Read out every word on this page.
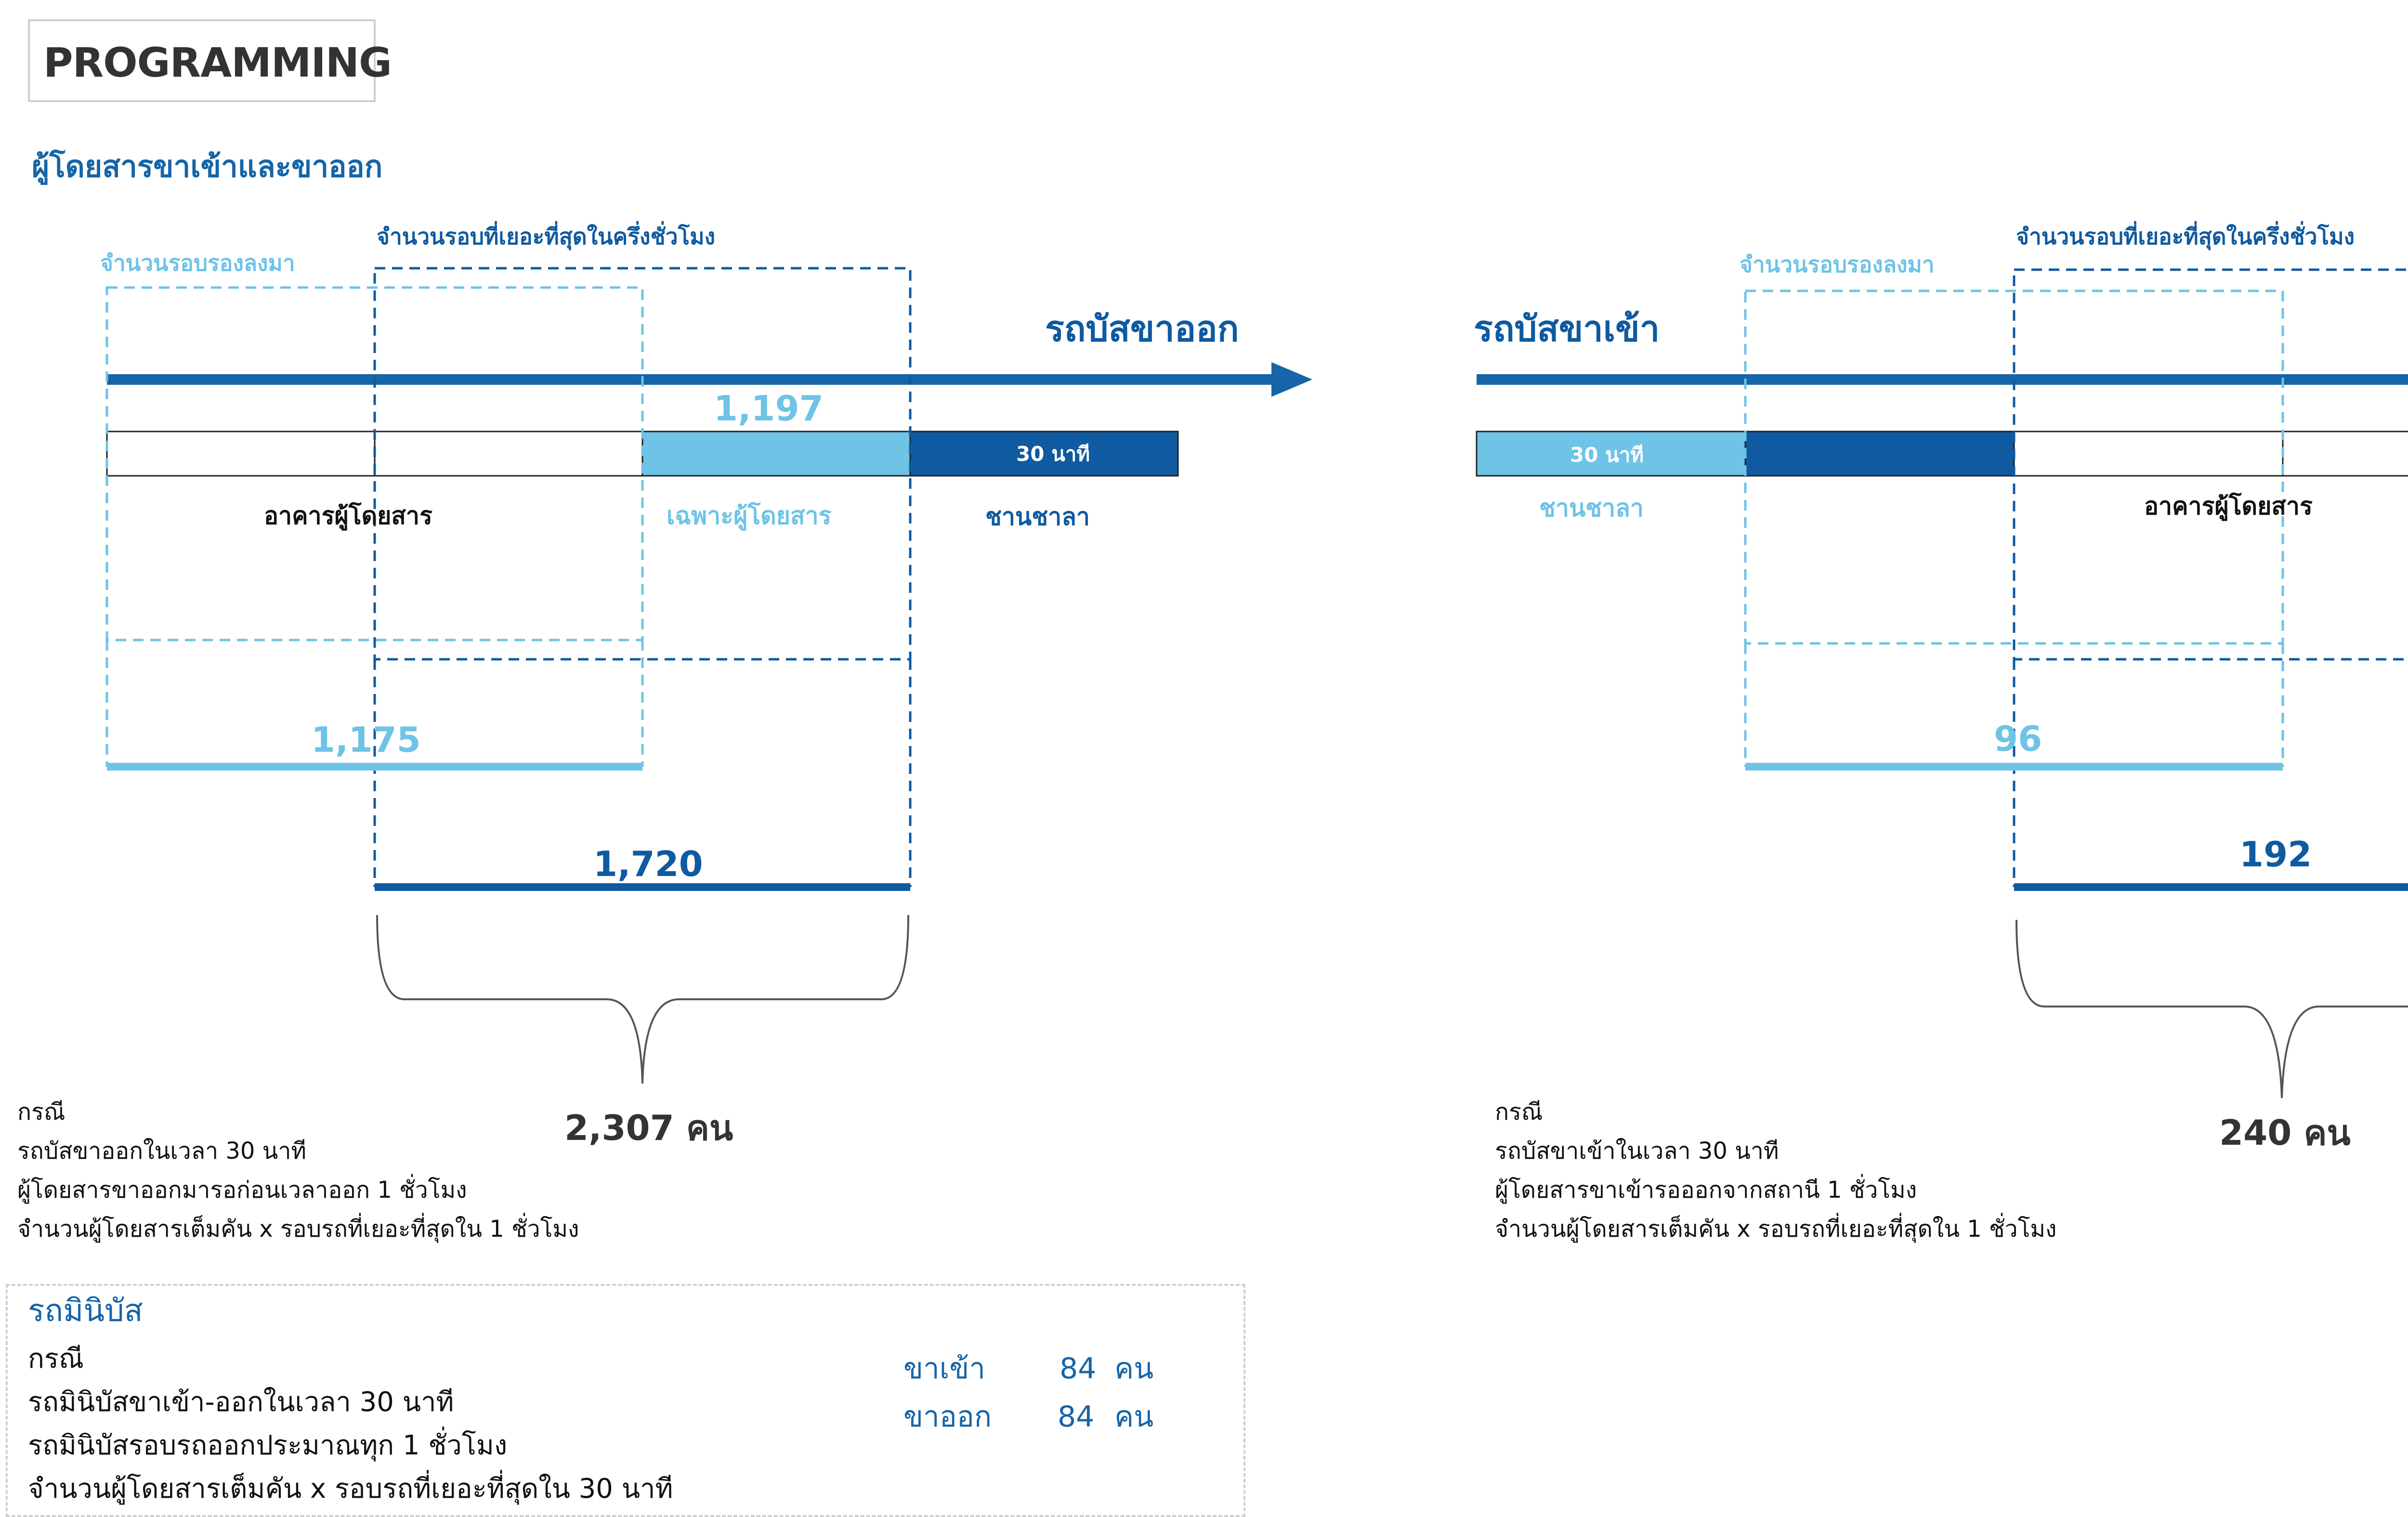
PROGRAMMING
ผู้โดยสารขาเข้าและขาออก
จำนวนรอบที่เยอะที่สุดในครึ่งชั่วโมง
จำนวนรอบรองลงมา
รถบัสขาออก
1,197
30 นาที
อาคารผู้โดยสาร	เฉพาะผู้โดยสาร	ชานชาลา
1,175
1,720
2,307 คน
กรณี
รถบัสขาออกในเวลา 30 นาที
ผู้โดยสารขาออกมารอก่อนเวลาออก 1 ชั่วโมง
จำนวนผู้โดยสารเต็มคัน x รอบรถที่เยอะที่สุดใน 1 ชั่วโมง
จำนวนรอบที่เยอะที่สุดในครึ่งชั่วโมง
จำนวนรอบรองลงมา
รถบัสขาเข้า
30 นาที
ชานชาลา	อาคารผู้โดยสาร
96
192
240 คน
กรณี
รถบัสขาเข้าในเวลา 30 นาที
ผู้โดยสารขาเข้ารอออกจากสถานี 1 ชั่วโมง
จำนวนผู้โดยสารเต็มคัน x รอบรถที่เยอะที่สุดใน 1 ชั่วโมง
รถมินิบัส
กรณี
รถมินิบัสขาเข้า-ออกในเวลา 30 นาที
รถมินิบัสรอบรถออกประมาณทุก 1 ชั่วโมง
จำนวนผู้โดยสารเต็มคัน x รอบรถที่เยอะที่สุดใน 30 นาที
ขาเข้า	84 คน
ขาออก 84 คน
